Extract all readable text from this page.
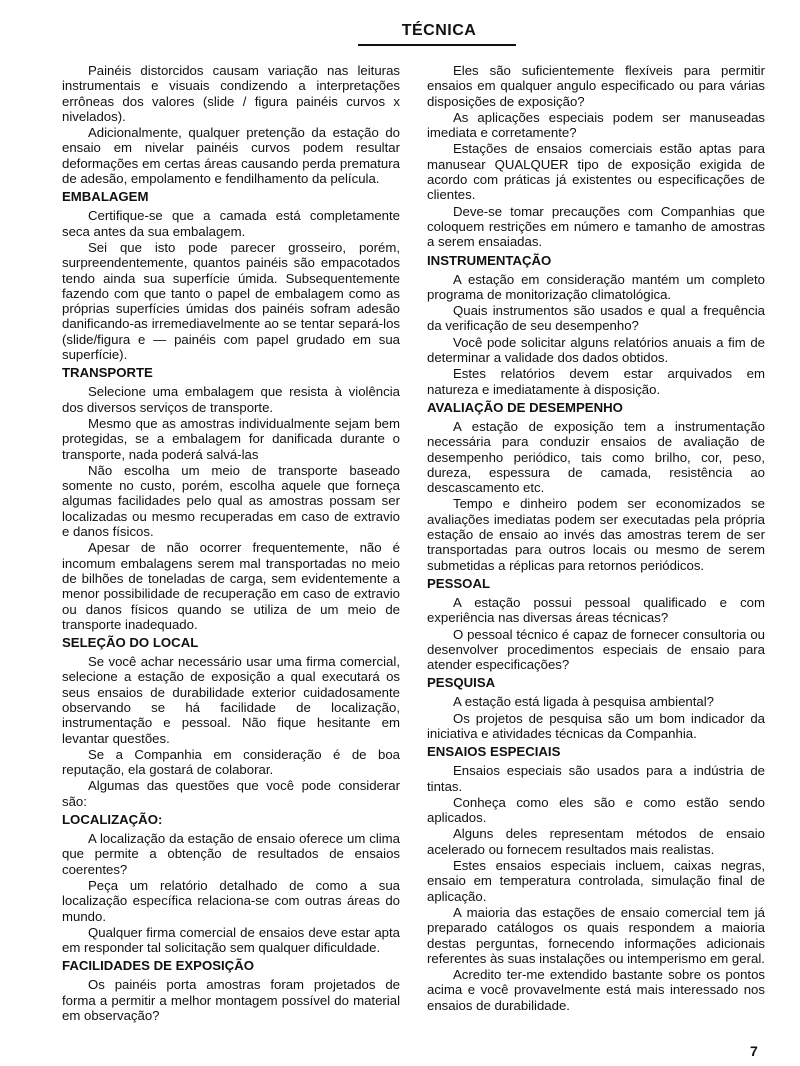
TÉCNICA

Painéis distorcidos causam variação nas leituras instrumentais e visuais condizendo a interpretações errôneas dos valores (slide / figura painéis curvos x nivelados).

Adicionalmente, qualquer pretenção da estação do ensaio em nivelar painéis curvos podem resultar deformações em certas áreas causando perda prematura de adesão, empolamento e fendilhamento da película.

EMBALAGEM

Certifique-se que a camada está completamente seca antes da sua embalagem.

Sei que isto pode parecer grosseiro, porém, surpreendentemente, quantos painéis são empacotados tendo ainda sua superfície úmida. Subsequentemente fazendo com que tanto o papel de embalagem como as próprias superfícies úmidas dos painéis sofram adesão danificando-as irremediavelmente ao se tentar separá-los (slide/figura e — painéis com papel grudado em sua superfície).

TRANSPORTE

Selecione uma embalagem que resista à violência dos diversos serviços de transporte.

Mesmo que as amostras individualmente sejam bem protegidas, se a embalagem for danificada durante o transporte, nada poderá salvá-las

Não escolha um meio de transporte baseado somente no custo, porém, escolha aquele que forneça algumas facilidades pelo qual as amostras possam ser localizadas ou mesmo recuperadas em caso de extravio e danos físicos.

Apesar de não ocorrer frequentemente, não é incomum embalagens serem mal transportadas no meio de bilhões de toneladas de carga, sem evidentemente a menor possibilidade de recuperação em caso de extravio ou danos físicos quando se utiliza de um meio de transporte inadequado.

SELEÇÃO DO LOCAL

Se você achar necessário usar uma firma comercial, selecione a estação de exposição a qual executará os seus ensaios de durabilidade exterior cuidadosamente observando se há facilidade de localização, instrumentação e pessoal. Não fique hesitante em levantar questões.

Se a Companhia em consideração é de boa reputação, ela gostará de colaborar.

Algumas das questões que você pode considerar são:

LOCALIZAÇÃO:

A localização da estação de ensaio oferece um clima que permite a obtenção de resultados de ensaios coerentes?

Peça um relatório detalhado de como a sua localização específica relaciona-se com outras áreas do mundo.

Qualquer firma comercial de ensaios deve estar apta em responder tal solicitação sem qualquer dificuldade.

FACILIDADES DE EXPOSIÇÃO

Os painéis porta amostras foram projetados de forma a permitir a melhor montagem possível do material em observação?

Eles são suficientemente flexíveis para permitir ensaios em qualquer angulo especificado ou para várias disposições de exposição?

As aplicações especiais podem ser manuseadas imediata e corretamente?

Estações de ensaios comerciais estão aptas para manusear QUALQUER tipo de exposição exigida de acordo com práticas já existentes ou especificações de clientes.

Deve-se tomar precauções com Companhias que coloquem restrições em número e tamanho de amostras a serem ensaiadas.

INSTRUMENTAÇÃO

A estação em consideração mantém um completo programa de monitorização climatológica.

Quais instrumentos são usados e qual a frequência da verificação de seu desempenho?

Você pode solicitar alguns relatórios anuais a fim de determinar a validade dos dados obtidos.

Estes relatórios devem estar arquivados em natureza e imediatamente à disposição.

AVALIAÇÃO DE DESEMPENHO

A estação de exposição tem a instrumentação necessária para conduzir ensaios de avaliação de desempenho periódico, tais como brilho, cor, peso, dureza, espessura de camada, resistência ao descascamento etc.

Tempo e dinheiro podem ser economizados se avaliações imediatas podem ser executadas pela própria estação de ensaio ao invés das amostras terem de ser transportadas para outros locais ou mesmo de serem submetidas a réplicas para retornos periódicos.

PESSOAL

A estação possui pessoal qualificado e com experiência nas diversas áreas técnicas?

O pessoal técnico é capaz de fornecer consultoria ou desenvolver procedimentos especiais de ensaio para atender especificações?

PESQUISA

A estação está ligada à pesquisa ambiental?

Os projetos de pesquisa são um bom indicador da iniciativa e atividades técnicas da Companhia.

ENSAIOS ESPECIAIS

Ensaios especiais são usados para a indústria de tintas.

Conheça como eles são e como estão sendo aplicados.

Alguns deles representam métodos de ensaio acelerado ou fornecem resultados mais realistas.

Estes ensaios especiais incluem, caixas negras, ensaio em temperatura controlada, simulação final de aplicação.

A maioria das estações de ensaio comercial tem já preparado catálogos os quais respondem a maioria destas perguntas, fornecendo informações adicionais referentes às suas instalações ou intemperismo em geral.

Acredito ter-me extendido bastante sobre os pontos acima e você provavelmente está mais interessado nos ensaios de durabilidade.

7
